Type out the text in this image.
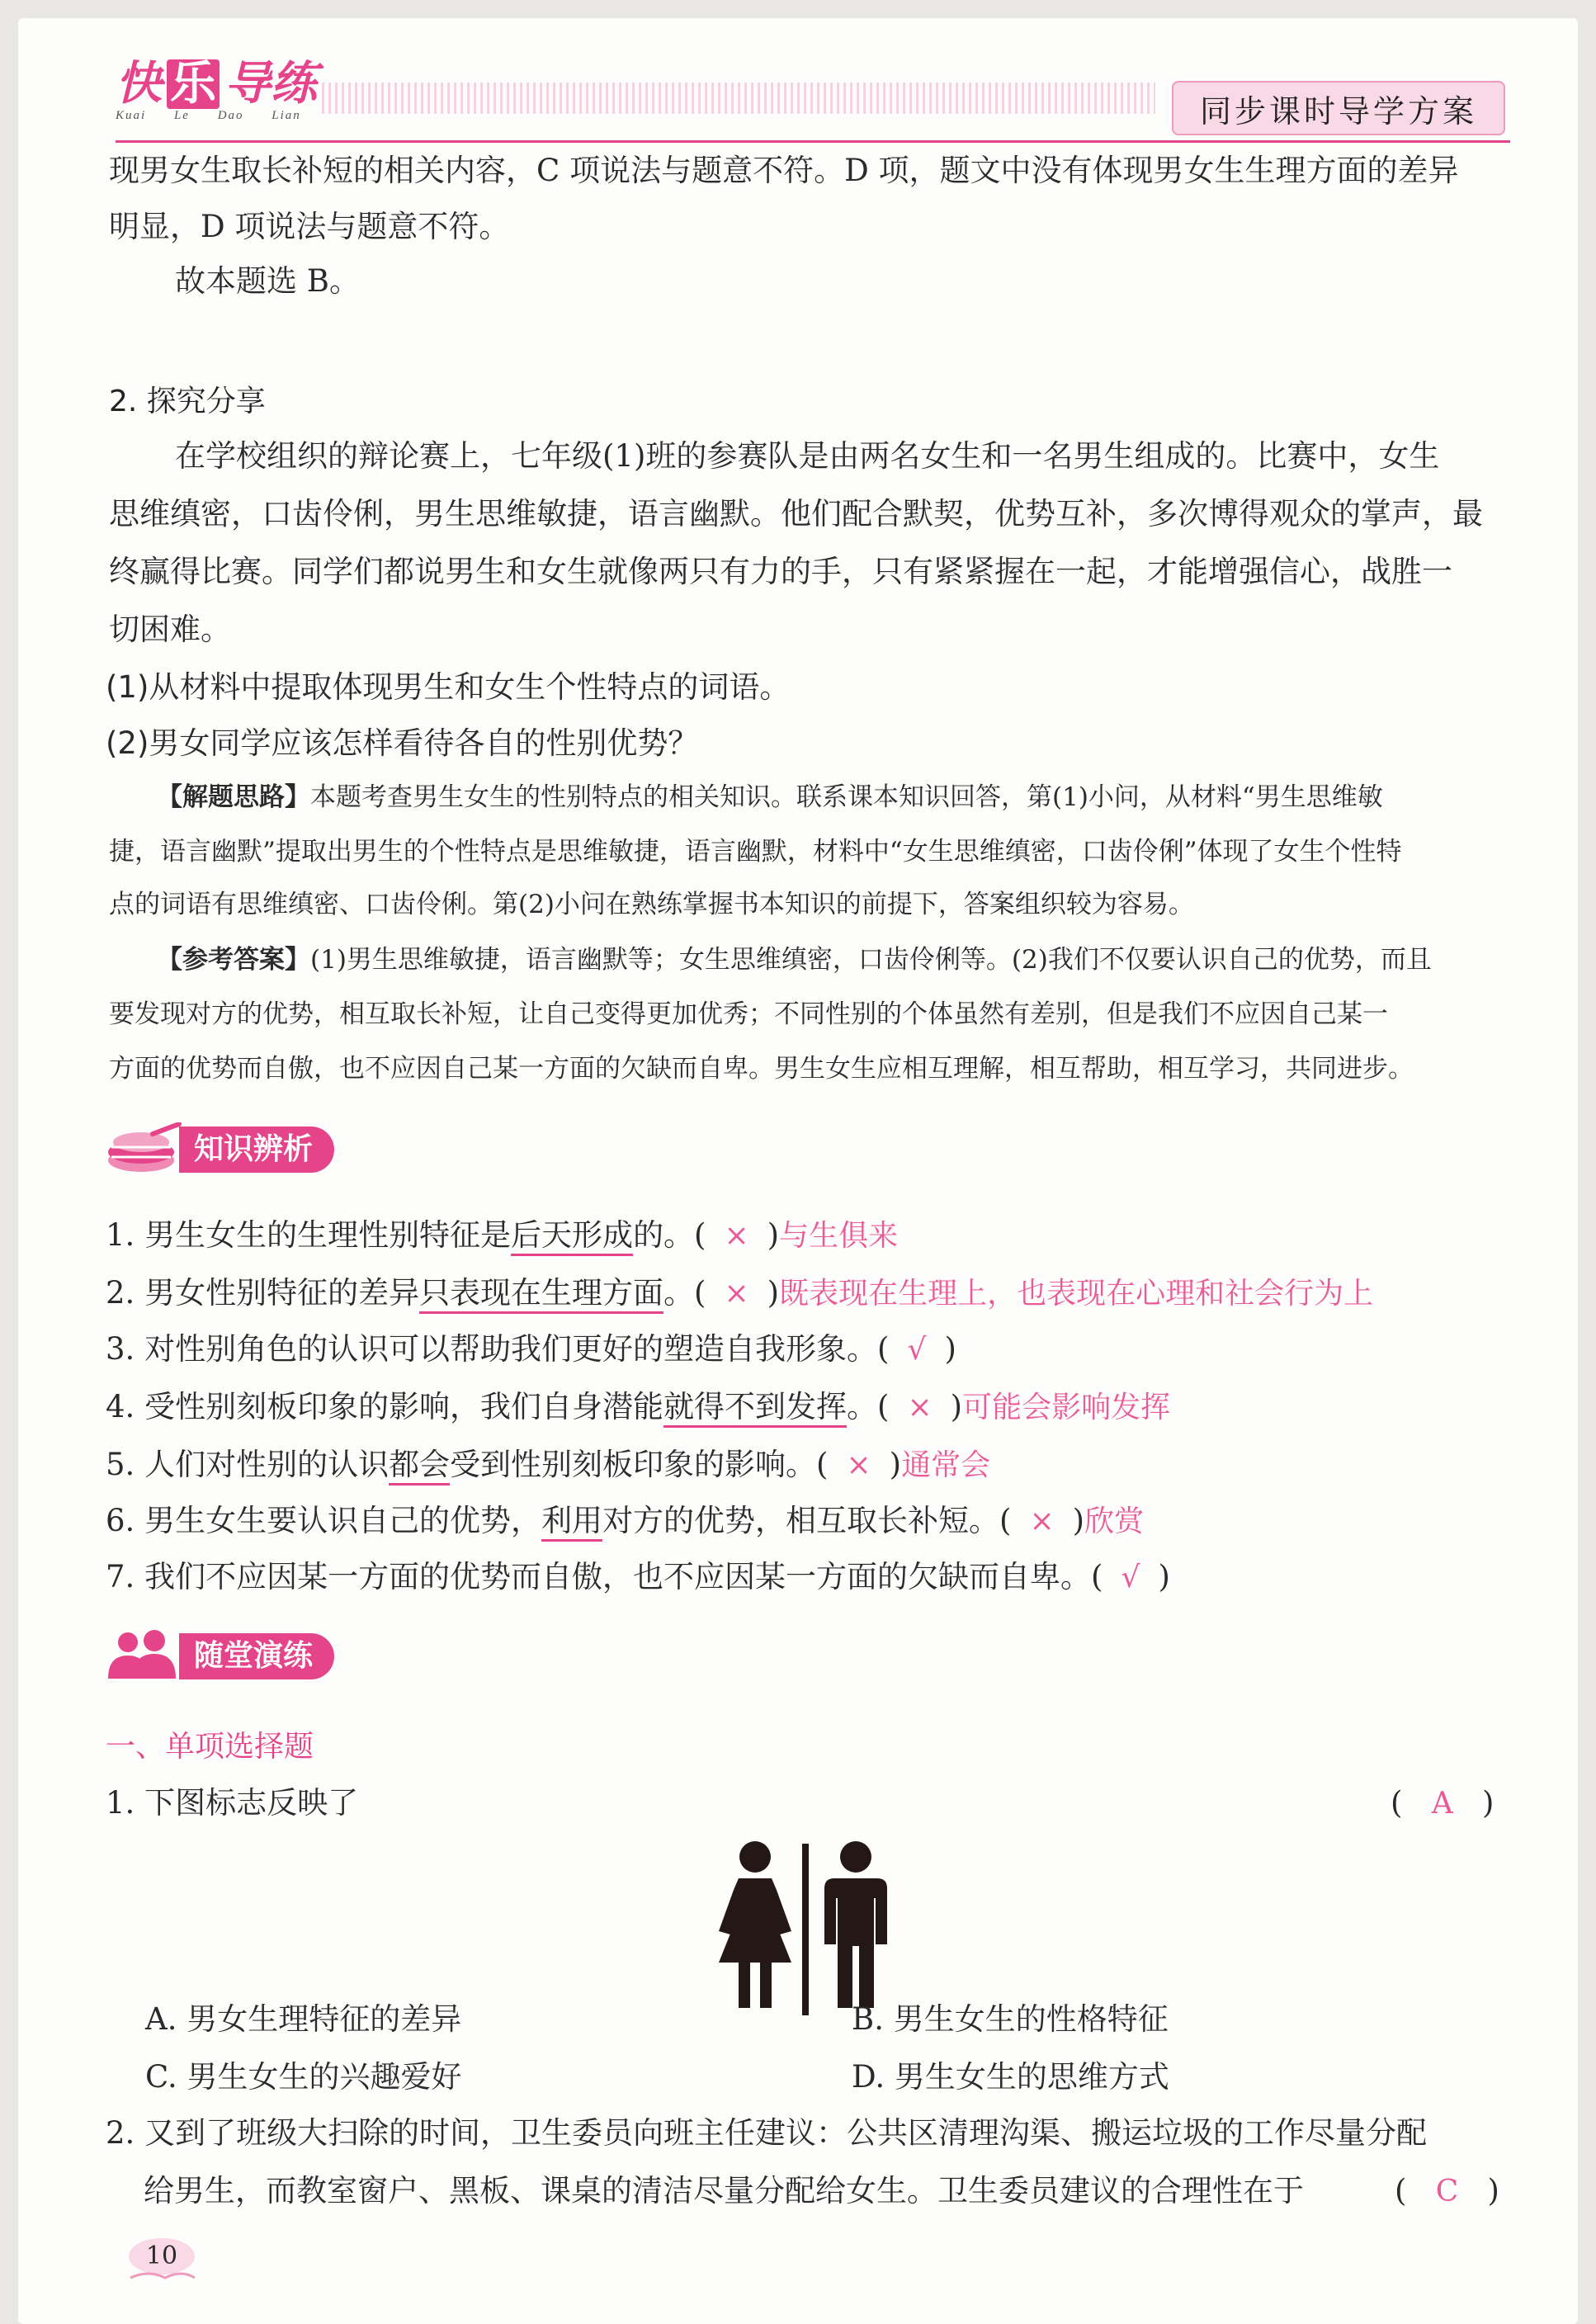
快 乐 导 练
Kuai Le Dao Lian	同步课时导学方案
现男女生取长补短的相关内容，C 项说法与题意不符。D 项，题文中没有体现男女生生理方面的差异
明显，D 项说法与题意不符。
故本题选 B。
2. 探究分享
在学校组织的辩论赛上，七年级(1)班的参赛队是由两名女生和一名男生组成的。比赛中，女生
思维缜密，口齿伶俐，男生思维敏捷，语言幽默。他们配合默契，优势互补，多次博得观众的掌声，最
终赢得比赛。同学们都说男生和女生就像两只有力的手，只有紧紧握在一起，才能增强信心，战胜一
切困难。
(1)从材料中提取体现男生和女生个性特点的词语。
(2)男女同学应该怎样看待各自的性别优势？
【解题思路】本题考查男生女生的性别特点的相关知识。联系课本知识回答，第(1)小问，从材料“男生思维敏
捷，语言幽默”提取出男生的个性特点是思维敏捷，语言幽默，材料中“女生思维缜密，口齿伶俐”体现了女生个性特
点的词语有思维缜密、口齿伶俐。第(2)小问在熟练掌握书本知识的前提下，答案组织较为容易。
【参考答案】(1)男生思维敏捷，语言幽默等；女生思维缜密，口齿伶俐等。(2)我们不仅要认识自己的优势，而且
要发现对方的优势，相互取长补短，让自己变得更加优秀；不同性别的个体虽然有差别，但是我们不应因自己某一
方面的优势而自傲，也不应因自己某一方面的欠缺而自卑。男生女生应相互理解，相互帮助，相互学习，共同进步。
知识辨析
1. 男生女生的生理性别特征是后天形成的。( × )与生俱来
2. 男女性别特征的差异只表现在生理方面。( × )既表现在生理上，也表现在心理和社会行为上
3. 对性别角色的认识可以帮助我们更好的塑造自我形象。( √ )
4. 受性别刻板印象的影响，我们自身潜能就得不到发挥。( × )可能会影响发挥
5. 人们对性别的认识都会受到性别刻板印象的影响。( × )通常会
6. 男生女生要认识自己的优势，利用对方的优势，相互取长补短。( × )欣赏
7. 我们不应因某一方面的优势而自傲，也不应因某一方面的欠缺而自卑。( √ )
随堂演练
一、单项选择题
1. 下图标志反映了	(   A   )
A. 男女生理特征的差异	B. 男生女生的性格特征
C. 男生女生的兴趣爱好	D. 男生女生的思维方式
2. 又到了班级大扫除的时间，卫生委员向班主任建议：公共区清理沟渠、搬运垃圾的工作尽量分配
给男生，而教室窗户、黑板、课桌的清洁尽量分配给女生。卫生委员建议的合理性在于	(   C   )
10
